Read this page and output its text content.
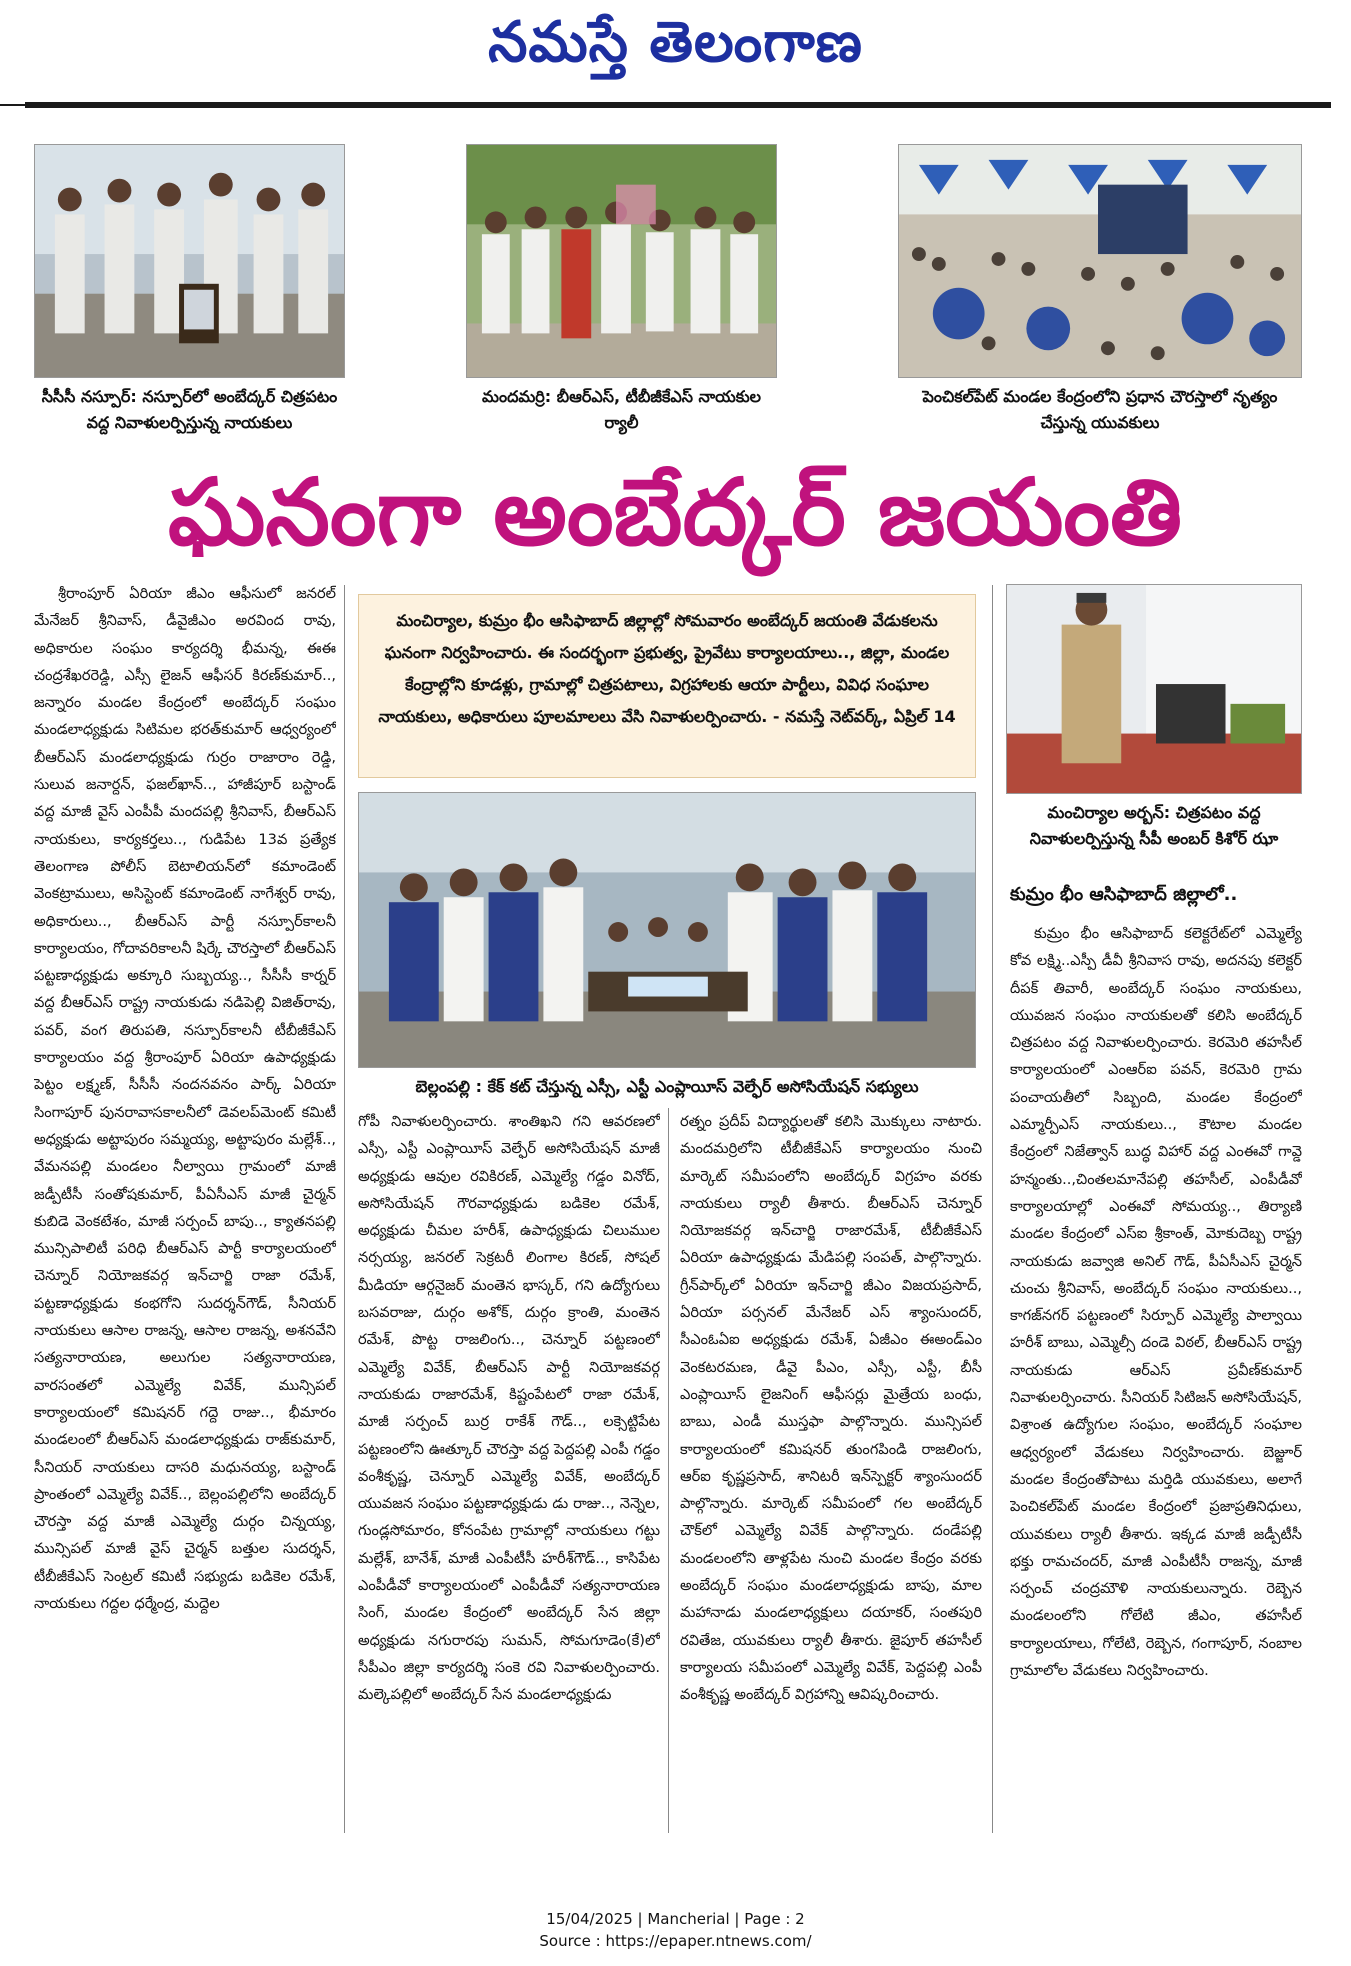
నమస్తే తెలంగాణ
సీసీసీ నస్పూర్‌: నస్పూర్‌లో అంబేద్కర్‌ చిత్రపటం వద్ద నివాళులర్పిస్తున్న నాయకులు
మందమర్రి: బీఆర్‌ఎస్‌, టీబీజీకేఎస్‌ నాయకుల ర్యాలీ
పెంచికల్‌పేట్‌ మండల కేంద్రంలోని ప్రధాన చౌరస్తాలో నృత్యం చేస్తున్న యువకులు
ఘనంగా అంబేద్కర్‌ జయంతి

శ్రీరాంపూర్‌ ఏరియా జీఎం ఆఫీసులో జనరల్‌ మేనేజర్‌ శ్రీనివాస్‌, డీవైజీఎం అరవింద రావు, అధికారుల సంఘం కార్యదర్శి భీమన్న, ఈఈ చంద్రశేఖరరెడ్డి, ఎస్సీ లైజన్‌ ఆఫీసర్‌ కిరణ్‌కుమార్‌.., జన్నారం మండల కేంద్రంలో అంబేద్కర్‌ సంఘం మండలాధ్యక్షుడు సిటిమల భరత్‌కుమార్‌ ఆధ్వర్యంలో బీఆర్‌ఎస్‌ మండలాధ్యక్షుడు గుర్రం రాజారాం రెడ్డి, సులువ జనార్దన్‌, ఫజల్‌ఖాన్‌.., హాజీపూర్‌ బస్టాండ్‌ వద్ద మాజీ వైస్‌ ఎంపీపీ మందపల్లి శ్రీనివాస్‌, బీఆర్‌ఎస్‌ నాయకులు, కార్యకర్తలు.., గుడిపేట 13వ ప్రత్యేక తెలంగాణ పోలీస్‌ బెటాలియన్‌లో కమాండెంట్‌ వెంకట్రాములు, అసిస్టెంట్‌ కమాండెంట్‌ నాగేశ్వర్‌ రావు, అధికారులు.., బీఆర్‌ఎస్‌ పార్టీ నస్పూర్‌కాలనీ కార్యాలయం, గోదావరికాలనీ షిర్కే చౌరస్తాలో బీఆర్‌ఎస్‌ పట్టణాధ్యక్షుడు అక్కూరి సుబ్బయ్య.., సీసీసీ కార్నర్‌ వద్ద బీఆర్‌ఎస్‌ రాష్ట్ర నాయకుడు నడిపెల్లి విజిత్‌రావు, పవర్‌, వంగ తిరుపతి, నస్పూర్‌కాలనీ టీబీజీకేఎస్‌ కార్యాలయం వద్ద శ్రీరాంపూర్‌ ఏరియా ఉపాధ్యక్షుడు పెట్టం లక్ష్మణ్‌, సీసీసీ నందనవనం పార్క్‌ ఏరియా సింగాపూర్‌ పునరావాసకాలనీలో డెవలప్‌మెంట్‌ కమిటీ అధ్యక్షుడు అట్టాపురం సమ్మయ్య, అట్టాపురం మల్లేశ్‌.., వేమనపల్లి మండలం నీల్వాయి గ్రామంలో మాజీ జడ్పీటీసీ సంతోషకుమార్‌, పీఏసీఎస్‌ మాజీ చైర్మన్‌ కుబిడె వెంకటేశం, మాజీ సర్పంచ్‌ బాపు.., క్యాతనపల్లి మున్సిపాలిటీ పరిధి బీఆర్‌ఎస్‌ పార్టీ కార్యాలయంలో చెన్నూర్‌ నియోజకవర్గ ఇన్‌చార్జి రాజా రమేశ్‌, పట్టణాధ్యక్షుడు కంభగోని సుదర్శన్‌గౌడ్‌, సీనియర్‌ నాయకులు ఆసాల రాజన్న, ఆసాల రాజన్న, అశనవేని సత్యనారాయణ, అలుగుల సత్యనారాయణ, వారసంతలో ఎమ్మెల్యే వివేక్‌, మున్సిపల్‌ కార్యాలయంలో కమిషనర్‌ గద్దె రాజు.., భీమారం మండలంలో బీఆర్‌ఎస్‌ మండలాధ్యక్షుడు రాజ్‌కుమార్‌, సీనియర్‌ నాయకులు దాసరి మధునయ్య, బస్టాండ్‌ ప్రాంతంలో ఎమ్మెల్యే వివేక్‌.., బెల్లంపల్లిలోని అంబేద్కర్‌ చౌరస్తా వద్ద మాజీ ఎమ్మెల్యే దుర్గం చిన్నయ్య, మున్సిపల్‌ మాజీ వైస్‌ చైర్మన్‌ బత్తుల సుదర్శన్‌, టీబీజీకేఎస్‌ సెంట్రల్‌ కమిటీ సభ్యుడు బడికెల రమేశ్‌, నాయకులు గద్దల ధర్మేంద్ర, మద్దెల

మంచిర్యాల, కుమ్రం భీం ఆసిఫాబాద్‌ జిల్లాల్లో సోమవారం అంబేద్కర్‌ జయంతి వేడుకలను ఘనంగా నిర్వహించారు. ఈ సందర్భంగా ప్రభుత్వ, ప్రైవేటు కార్యాలయాలు.., జిల్లా, మండల కేంద్రాల్లోని కూడళ్లు, గ్రామాల్లో చిత్రపటాలు, విగ్రహాలకు ఆయా పార్టీలు, వివిధ సంఘాల నాయకులు, అధికారులు పూలమాలలు వేసి నివాళులర్పించారు. - నమస్తే నెట్‌వర్క్‌, ఏప్రిల్‌ 14
బెల్లంపల్లి : కేక్‌ కట్‌ చేస్తున్న ఎస్సీ, ఎస్టీ ఎంప్లాయీస్‌ వెల్ఫేర్‌ అసోసియేషన్‌ సభ్యులు

గోపీ నివాళులర్పించారు. శాంతిఖని గని ఆవరణలో ఎస్సీ, ఎస్టీ ఎంప్లాయీస్‌ వెల్ఫేర్‌ అసోసియేషన్‌ మాజీ అధ్యక్షుడు ఆవుల రవికిరణ్‌, ఎమ్మెల్యే గడ్డం వినోద్‌, అసోసియేషన్‌ గౌరవాధ్యక్షుడు బడికెల రమేశ్‌, అధ్యక్షుడు చీమల హరీశ్‌, ఉపాధ్యక్షుడు చిలుముల నర్సయ్య, జనరల్‌ సెక్రటరీ లింగాల కిరణ్‌, సోషల్‌ మీడియా ఆర్గనైజర్‌ మంతెన భాస్కర్‌, గని ఉద్యోగులు బసవరాజు, దుర్గం అశోక్‌, దుర్గం క్రాంతి, మంతెన రమేశ్‌, పొట్ట రాజలింగు.., చెన్నూర్‌ పట్టణంలో ఎమ్మెల్యే వివేక్‌, బీఆర్‌ఎస్‌ పార్టీ నియోజకవర్గ నాయకుడు రాజారమేశ్‌, కిష్టంపేటలో రాజా రమేశ్‌, మాజీ సర్పంచ్‌ బుర్ర రాకేశ్‌ గౌడ్‌.., లక్సెట్టిపేట పట్టణంలోని ఊత్కూర్‌ చౌరస్తా వద్ద పెద్దపల్లి ఎంపీ గడ్డం వంశీకృష్ణ, చెన్నూర్‌ ఎమ్మెల్యే వివేక్‌, అంబేద్కర్‌ యువజన సంఘం పట్టణాధ్యక్షుడు డు రాజు.., నెన్నెల, గుండ్లసోమారం, కోనంపేట గ్రామాల్లో నాయకులు గట్టు మల్లేశ్‌, బానేశ్‌, మాజీ ఎంపీటీసీ హరీశ్‌గౌడ్‌.., కాసిపేట ఎంపీడీవో కార్యాలయంలో ఎంపీడీవో సత్యనారాయణ సింగ్‌, మండల కేంద్రంలో అంబేద్కర్‌ సేన జిల్లా అధ్యక్షుడు నగురారపు సుమన్‌, సోమగూడెం(కే)లో సీపీఎం జిల్లా కార్యదర్శి సంకె రవి నివాళులర్పించారు. మల్కెపల్లిలో అంబేద్కర్‌ సేన మండలాధ్యక్షుడు

రత్నం ప్రదీప్‌ విద్యార్థులతో కలిసి మొక్కులు నాటారు. మందమర్రిలోని టీబీజీకేఎస్‌ కార్యాలయం నుంచి మార్కెట్‌ సమీపంలోని అంబేద్కర్‌ విగ్రహం వరకు నాయకులు ర్యాలీ తీశారు. బీఆర్‌ఎస్‌ చెన్నూర్‌ నియోజకవర్గ ఇన్‌చార్జి రాజారమేశ్‌, టీబీజీకేఎస్‌ ఏరియా ఉపాధ్యక్షుడు మేడిపల్లి సంపత్‌, పాల్గొన్నారు. గ్రీన్‌పార్క్‌లో ఏరియా ఇన్‌చార్జి జీఎం విజయప్రసాద్‌, ఏరియా పర్సనల్‌ మేనేజర్‌ ఎస్‌ శ్యాంసుందర్‌, సీఎంఓఏఐ అధ్యక్షుడు రమేశ్‌, ఏజీఎం ఈఅండ్‌ఎం వెంకటరమణ, డీవై పీఎం, ఎస్సీ, ఎస్టీ, బీసీ ఎంప్లాయీస్‌ లైజనింగ్‌ ఆఫీసర్లు మైత్రేయ బంధు, బాబు, ఎండీ ముస్తఫా పాల్గొన్నారు. మున్సిపల్‌ కార్యాలయంలో కమిషనర్‌ తుంగపిండి రాజలింగు, ఆర్‌ఐ కృష్ణప్రసాద్‌, శానిటరీ ఇన్‌స్పెక్టర్‌ శ్యాంసుందర్‌ పాల్గొన్నారు. మార్కెట్‌ సమీపంలో గల అంబేద్కర్‌ చౌక్‌లో ఎమ్మెల్యే వివేక్‌ పాల్గొన్నారు. దండేపల్లి మండలంలోని తాళ్లపేట నుంచి మండల కేంద్రం వరకు అంబేద్కర్‌ సంఘం మండలాధ్యక్షుడు బాపు, మాల మహానాడు మండలాధ్యక్షులు దయాకర్‌, సంతపురి రవితేజ, యువకులు ర్యాలీ తీశారు. జైపూర్‌ తహసీల్‌ కార్యాలయ సమీపంలో ఎమ్మెల్యే వివేక్‌, పెద్దపల్లి ఎంపీ వంశీకృష్ణ అంబేద్కర్‌ విగ్రహాన్ని ఆవిష్కరించారు.

మంచిర్యాల అర్బన్‌: చిత్రపటం వద్ద నివాళులర్పిస్తున్న సీపీ అంబర్‌ కిశోర్‌ ఝా
కుమ్రం భీం ఆసిఫాబాద్‌ జిల్లాలో..

కుమ్రం భీం ఆసిఫాబాద్‌ కలెక్టరేట్‌లో ఎమ్మెల్యే కోవ లక్ష్మి..ఎస్పీ డీవీ శ్రీనివాస రావు, అదనపు కలెక్టర్‌ దీపక్‌ తివారీ, అంబేద్కర్‌ సంఘం నాయకులు, యువజన సంఘం నాయకులతో కలిసి అంబేద్కర్‌ చిత్రపటం వద్ద నివాళులర్పించారు. కెరమెరి తహసీల్‌ కార్యాలయంలో ఎంఆర్‌ఐ పవన్‌, కెరమెరి గ్రామ పంచాయతీలో సిబ్బంది, మండల కేంద్రంలో ఎమ్మార్పీఎస్‌ నాయకులు.., కౌటాల మండల కేంద్రంలో నిజేత్వాన్‌ బుద్ధ విహార్‌ వద్ద ఎంఈవో గావ్డె హన్మంతు..,చింతలమానేపల్లి తహసీల్‌, ఎంపీడీవో కార్యాలయాల్లో ఎంఈవో సోమయ్య.., తిర్యాణి మండల కేంద్రంలో ఎస్‌ఐ శ్రీకాంత్‌, మోకుదెబ్బ రాష్ట్ర నాయకుడు జవ్వాజి అనిల్‌ గౌడ్‌, పీఏసీఎస్‌ చైర్మన్‌ చుంచు శ్రీనివాస్‌, అంబేద్కర్‌ సంఘం నాయకులు.., కాగజ్‌నగర్‌ పట్టణంలో సిర్పూర్‌ ఎమ్మెల్యే పాల్వాయి హరీశ్‌ బాబు, ఎమ్మెల్సీ దండె విఠల్‌, బీఆర్‌ఎస్‌ రాష్ట్ర నాయకుడు ఆర్‌ఎస్‌ ప్రవీణ్‌కుమార్‌ నివాళులర్పించారు. సీనియర్‌ సిటిజన్‌ అసోసియేషన్‌, విశ్రాంత ఉద్యోగుల సంఘం, అంబేద్కర్‌ సంఘాల ఆధ్వర్యంలో వేడుకలు నిర్వహించారు. బెజ్జూర్‌ మండల కేంద్రంతోపాటు మర్తిడి యువకులు, అలాగే పెంచికల్‌పేట్‌ మండల కేంద్రంలో ప్రజాప్రతినిధులు, యువకులు ర్యాలీ తీశారు. ఇక్కడ మాజీ జడ్పీటీసీ భక్తు రామచందర్‌, మాజీ ఎంపీటీసీ రాజన్న, మాజీ సర్పంచ్‌ చంద్రమౌళి నాయకులున్నారు. రెబ్బెన మండలంలోని గోలేటి జీఎం, తహసీల్‌ కార్యాలయాలు, గోలేటి, రెబ్బెన, గంగాపూర్‌, నంబాల గ్రామాలోల వేడుకలు నిర్వహించారు.

15/04/2025 | Mancherial | Page : 2
Source : https://epaper.ntnews.com/
